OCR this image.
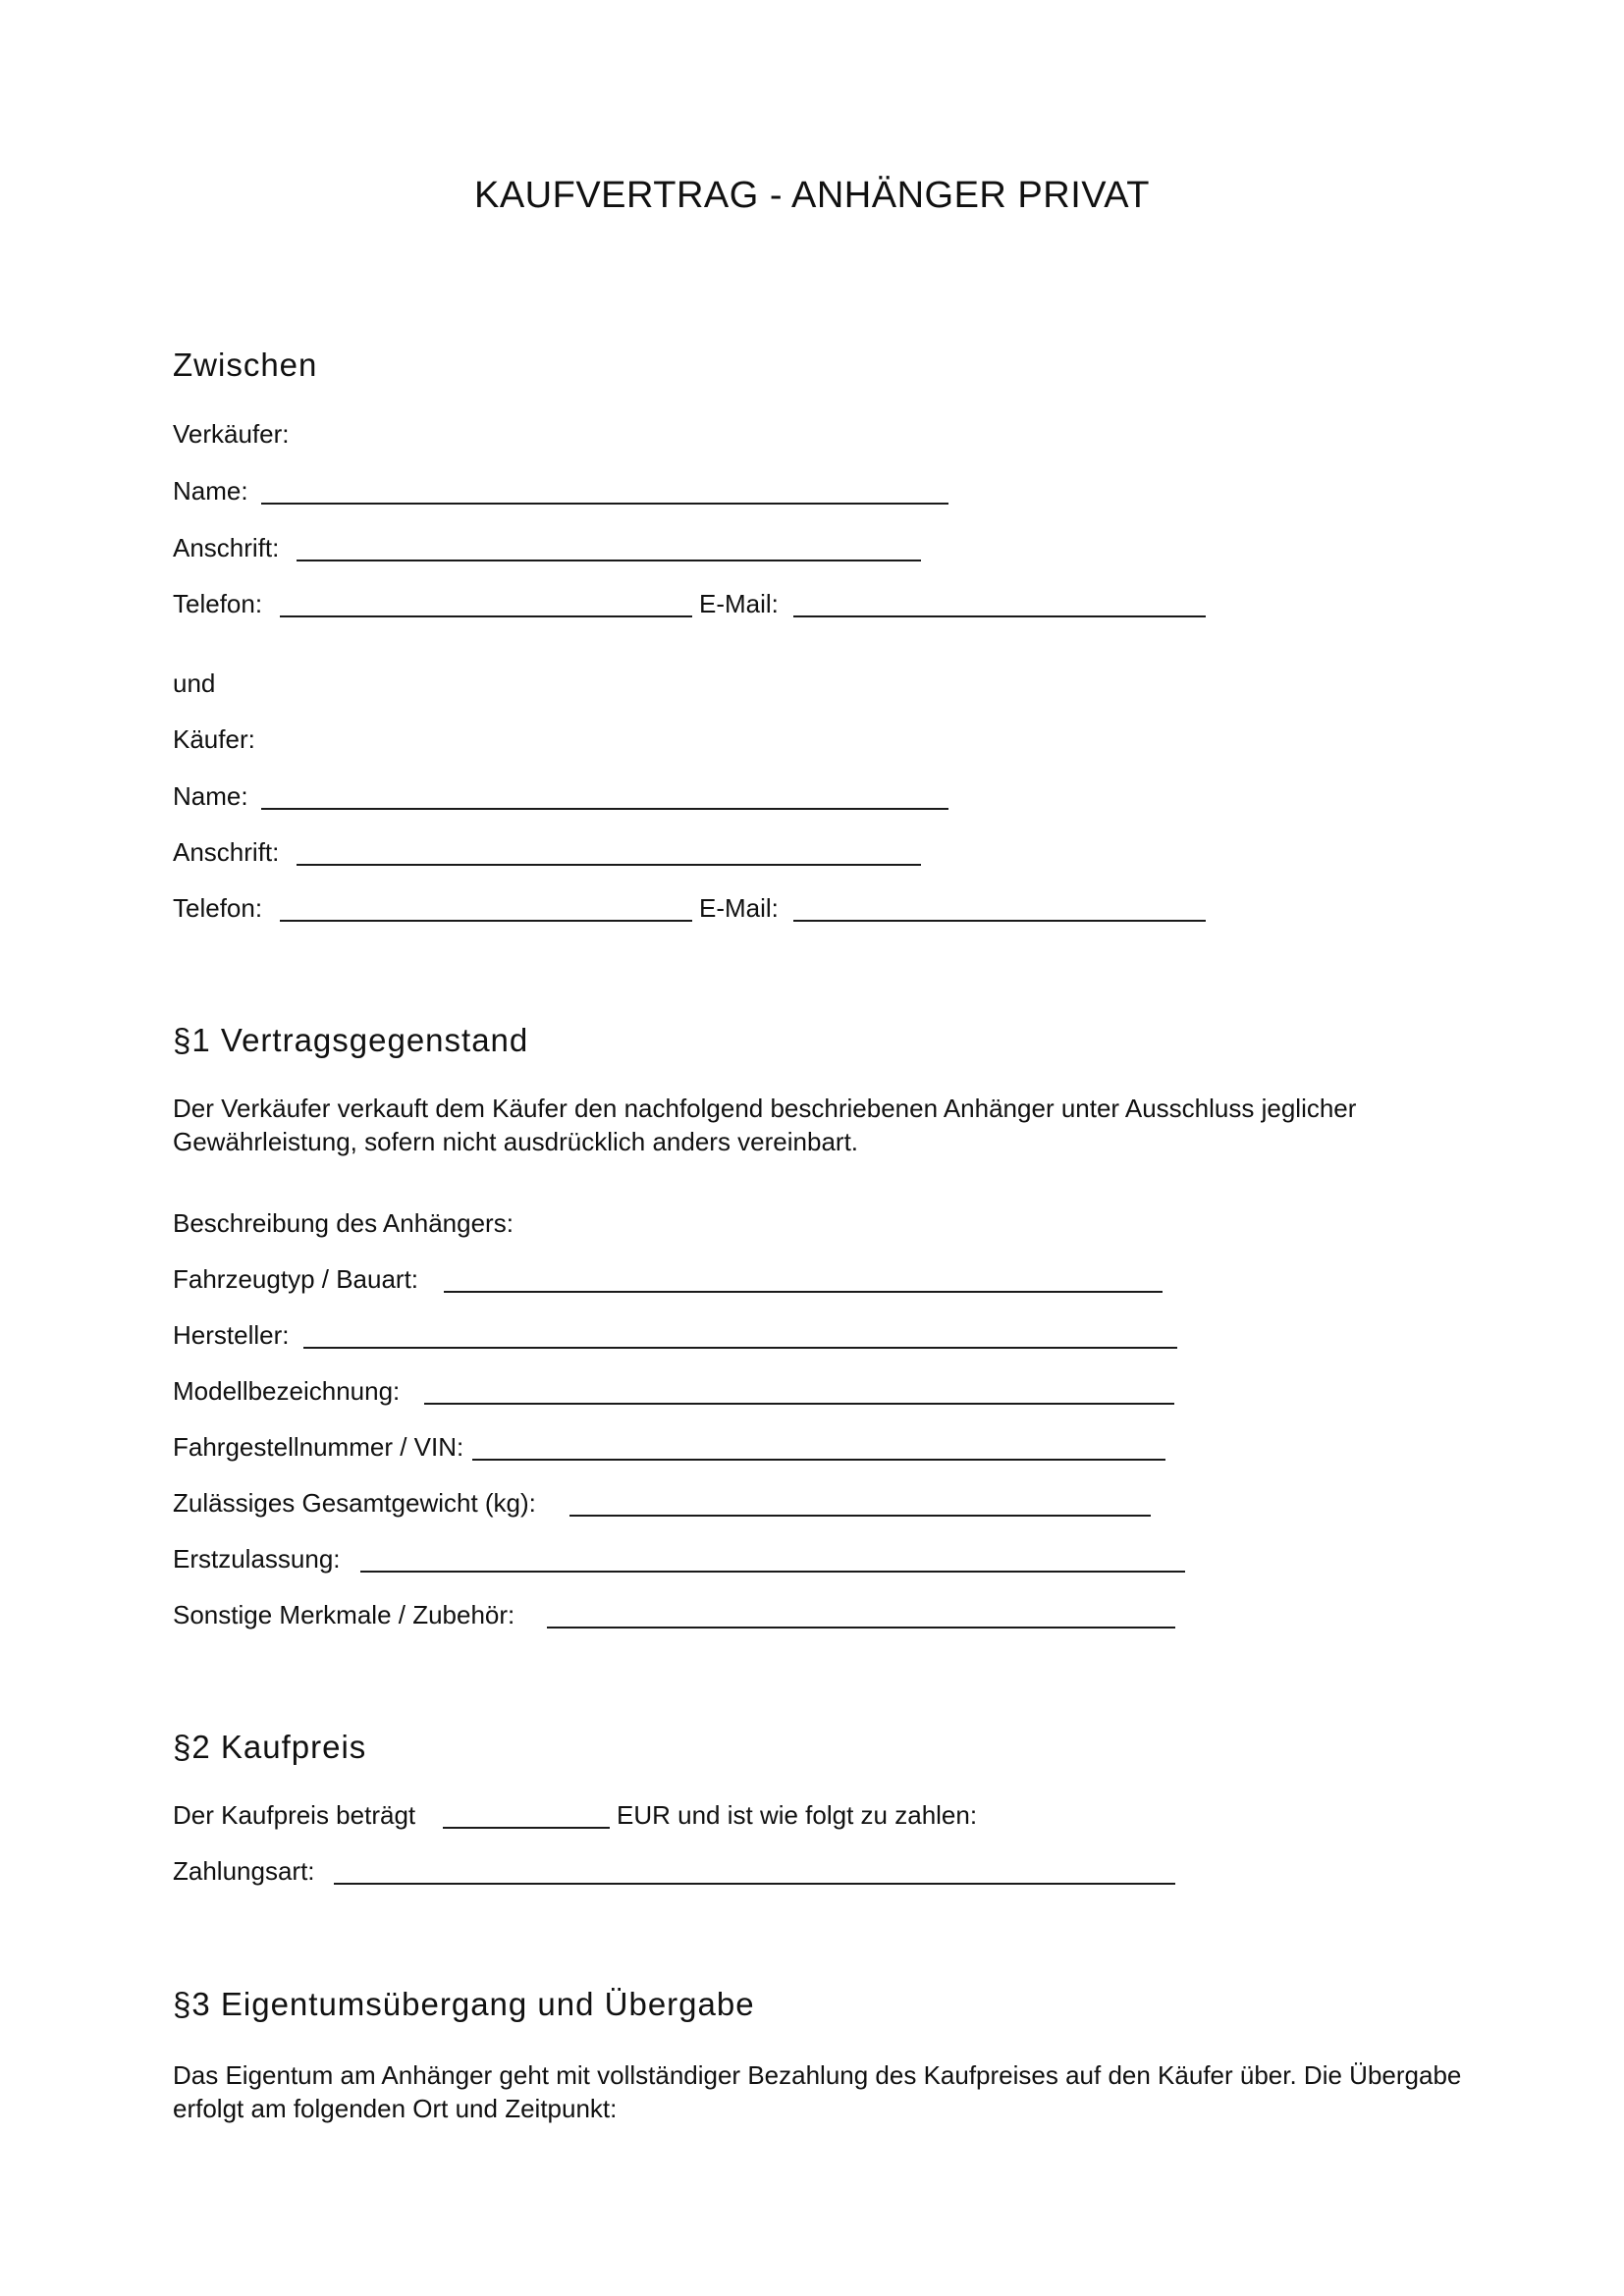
KAUFVERTRAG - ANHÄNGER PRIVAT
Zwischen
Verkäufer:
Name:
Anschrift:
Telefon:	E-Mail:
und
Käufer:
Name:
Anschrift:
Telefon:	E-Mail:
§1 Vertragsgegenstand
Der Verkäufer verkauft dem Käufer den nachfolgend beschriebenen Anhänger unter Ausschluss jeglicher Gewährleistung, sofern nicht ausdrücklich anders vereinbart.
Beschreibung des Anhängers:
Fahrzeugtyp / Bauart:
Hersteller:
Modellbezeichnung:
Fahrgestellnummer / VIN:
Zulässiges Gesamtgewicht (kg):
Erstzulassung:
Sonstige Merkmale / Zubehör:
§2 Kaufpreis
Der Kaufpreis beträgt	EUR und ist wie folgt zu zahlen:
Zahlungsart:
§3 Eigentumsübergang und Übergabe
Das Eigentum am Anhänger geht mit vollständiger Bezahlung des Kaufpreises auf den Käufer über. Die Übergabe erfolgt am folgenden Ort und Zeitpunkt:
